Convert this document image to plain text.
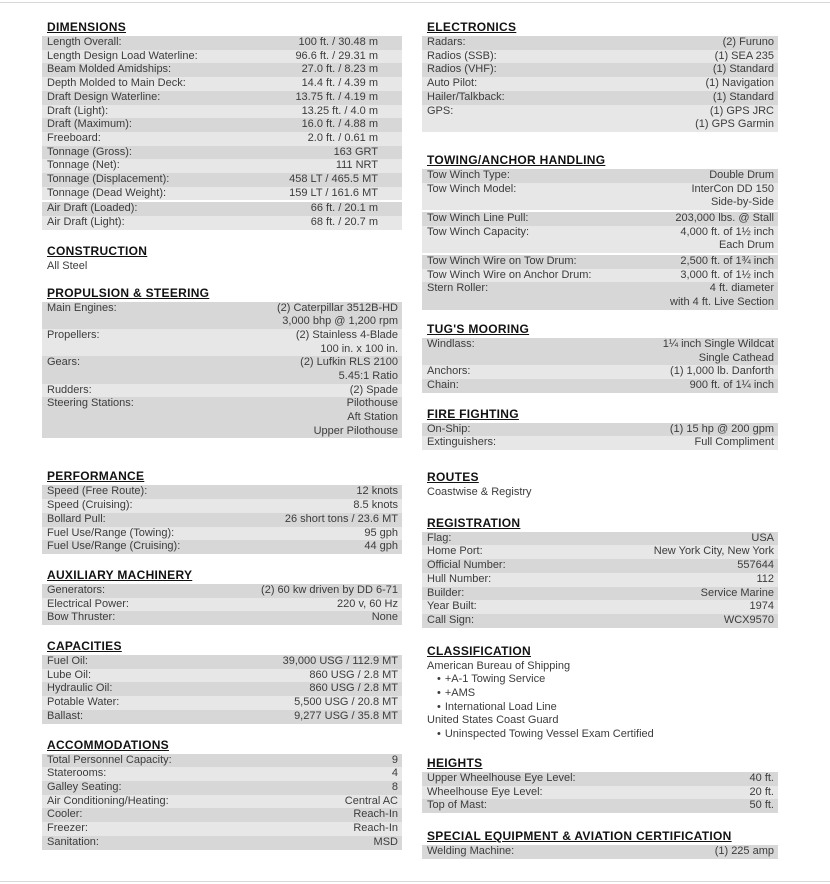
DIMENSIONS
Length Overall:	100 ft. / 30.48 m
Length Design Load Waterline:	96.6 ft. / 29.31 m
Beam Molded Amidships:	27.0 ft. / 8.23 m
Depth Molded to Main Deck:	14.4 ft. / 4.39 m
Draft Design Waterline:	13.75 ft. / 4.19 m
Draft (Light):	13.25 ft. / 4.0 m
Draft (Maximum):	16.0 ft. / 4.88 m
Freeboard:	2.0 ft. / 0.61 m
Tonnage (Gross):	163 GRT
Tonnage (Net):	111 NRT
Tonnage (Displacement):	458 LT / 465.5 MT
Tonnage (Dead Weight):	159 LT / 161.6 MT
Air Draft (Loaded):	66 ft. / 20.1 m
Air Draft (Light):	68 ft. / 20.7 m
CONSTRUCTION
All Steel
PROPULSION & STEERING
Main Engines:	(2) Caterpillar 3512B-HD
3,000 bhp @ 1,200 rpm
Propellers:	(2) Stainless 4-Blade
100 in. x 100 in.
Gears:	(2) Lufkin RLS 2100
5.45:1 Ratio
Rudders:	(2) Spade
Steering Stations:	Pilothouse
Aft Station
Upper Pilothouse
PERFORMANCE
Speed (Free Route):	12 knots
Speed (Cruising):	8.5 knots
Bollard Pull:	26 short tons / 23.6 MT
Fuel Use/Range (Towing):	95 gph
Fuel Use/Range (Cruising):	44 gph
AUXILIARY MACHINERY
Generators:	(2) 60 kw driven by DD 6-71
Electrical Power:	220 v, 60 Hz
Bow Thruster:	None
CAPACITIES
Fuel Oil:	39,000 USG / 112.9 MT
Lube Oil:	860 USG / 2.8 MT
Hydraulic Oil:	860 USG / 2.8 MT
Potable Water:	5,500 USG / 20.8 MT
Ballast:	9,277 USG / 35.8 MT
ACCOMMODATIONS
Total Personnel Capacity:	9
Staterooms:	4
Galley Seating:	8
Air Conditioning/Heating:	Central AC
Cooler:	Reach-In
Freezer:	Reach-In
Sanitation:	MSD
ELECTRONICS
Radars:	(2) Furuno
Radios (SSB):	(1) SEA 235
Radios (VHF):	(1) Standard
Auto Pilot:	(1) Navigation
Hailer/Talkback:	(1) Standard
GPS:	(1) GPS JRC
(1) GPS Garmin
TOWING/ANCHOR HANDLING
Tow Winch Type:	Double Drum
Tow Winch Model:	InterCon DD 150
Side-by-Side
Tow Winch Line Pull:	203,000 lbs. @ Stall
Tow Winch Capacity:	4,000 ft. of 1½ inch
Each Drum
Tow Winch Wire on Tow Drum:	2,500 ft. of 1¾ inch
Tow Winch Wire on Anchor Drum:	3,000 ft. of 1½ inch
Stern Roller:	4 ft. diameter
with 4 ft. Live Section
TUG'S MOORING
Windlass:	1¼ inch Single Wildcat
Single Cathead
Anchors:	(1) 1,000 lb. Danforth
Chain:	900 ft. of 1¼ inch
FIRE FIGHTING
On-Ship:	(1) 15 hp @ 200 gpm
Extinguishers:	Full Compliment
ROUTES
Coastwise & Registry
REGISTRATION
Flag:	USA
Home Port:	New York City, New York
Official Number:	557644
Hull Number:	112
Builder:	Service Marine
Year Built:	1974
Call Sign:	WCX9570
CLASSIFICATION
American Bureau of Shipping
• +A-1 Towing Service
• +AMS
• International Load Line
United States Coast Guard
• Uninspected Towing Vessel Exam Certified
HEIGHTS
Upper Wheelhouse Eye Level:	40 ft.
Wheelhouse Eye Level:	20 ft.
Top of Mast:	50 ft.
SPECIAL EQUIPMENT & AVIATION CERTIFICATION
Welding Machine:	(1) 225 amp
